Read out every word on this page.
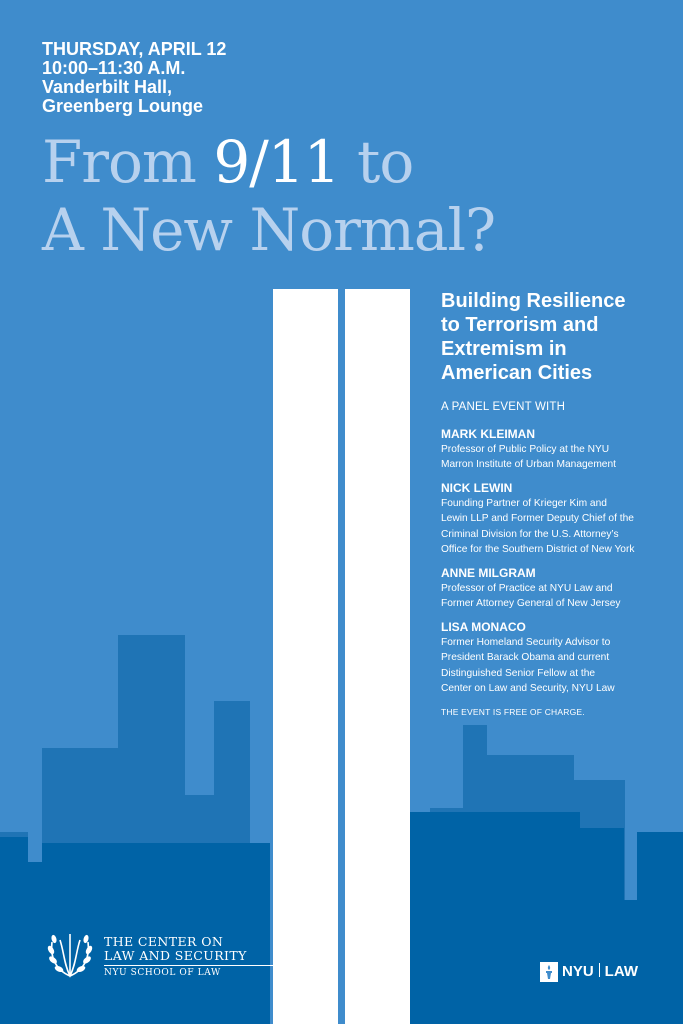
THURSDAY, APRIL 12
10:00–11:30 A.M.
Vanderbilt Hall,
Greenberg Lounge
From 9/11 to
A New Normal?
Building Resilience
to Terrorism and
Extremism in
American Cities
A PANEL EVENT WITH
MARK KLEIMAN
Professor of Public Policy at the NYU
Marron Institute of Urban Management
NICK LEWIN
Founding Partner of Krieger Kim and
Lewin LLP and Former Deputy Chief of the
Criminal Division for the U.S. Attorney’s
Office for the Southern District of New York
ANNE MILGRAM
Professor of Practice at NYU Law and
Former Attorney General of New Jersey
LISA MONACO
Former Homeland Security Advisor to
President Barack Obama and current
Distinguished Senior Fellow at the
Center on Law and Security, NYU Law
THE EVENT IS FREE OF CHARGE.
THE CENTER ON
LAW AND SECURITY
NYU SCHOOL OF LAW	NYU LAW
